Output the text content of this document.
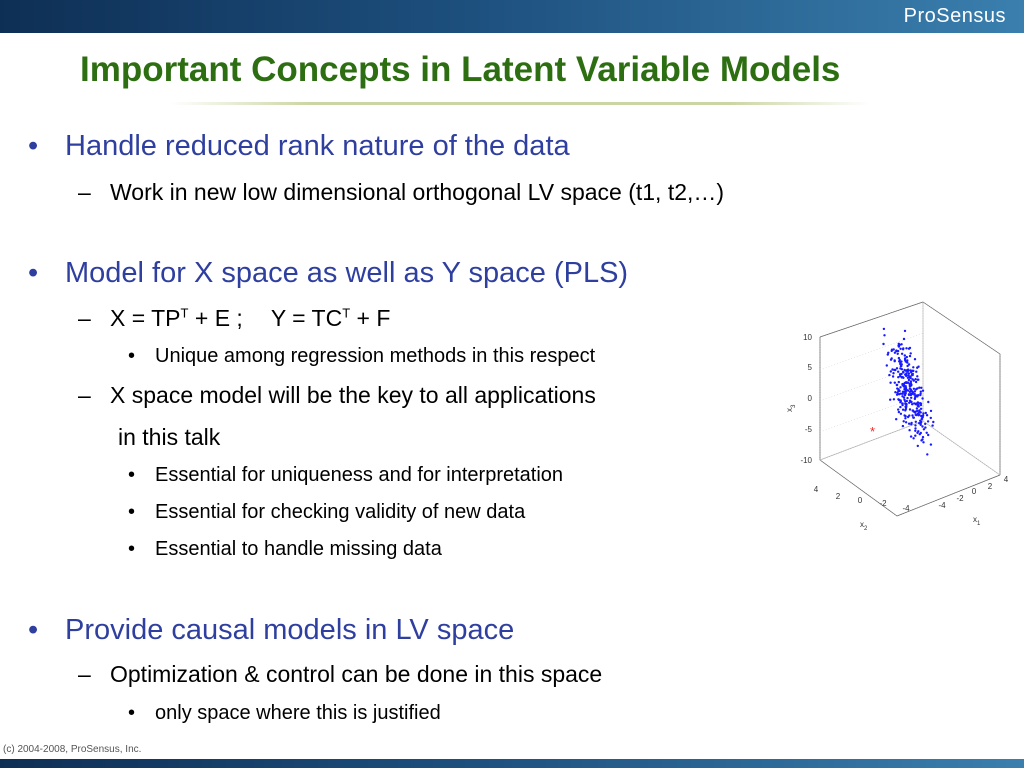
ProSensus
Important Concepts in Latent Variable Models
• Handle reduced rank nature of the data
– Work in new low dimensional orthogonal LV space (t1, t2,…)
• Model for X space as well as Y space (PLS)
– $X = TP^T + E$ ; $Y = TC^T + F$
• Unique among regression methods in this respect
– X space model will be the key to all applications
in this talk
• Essential for uniqueness and for interpretation
• Essential for checking validity of new data
• Essential to handle missing data
• Provide causal models in LV space
– Optimization & control can be done in this space
• only space where this is justified
10
5
0
-5
-10
4
2 0 -2
-4	-4
-2
0
2
4
$x_3$
$x_2$
$x_1$
*
(c) 2004-2008, ProSensus, Inc.
